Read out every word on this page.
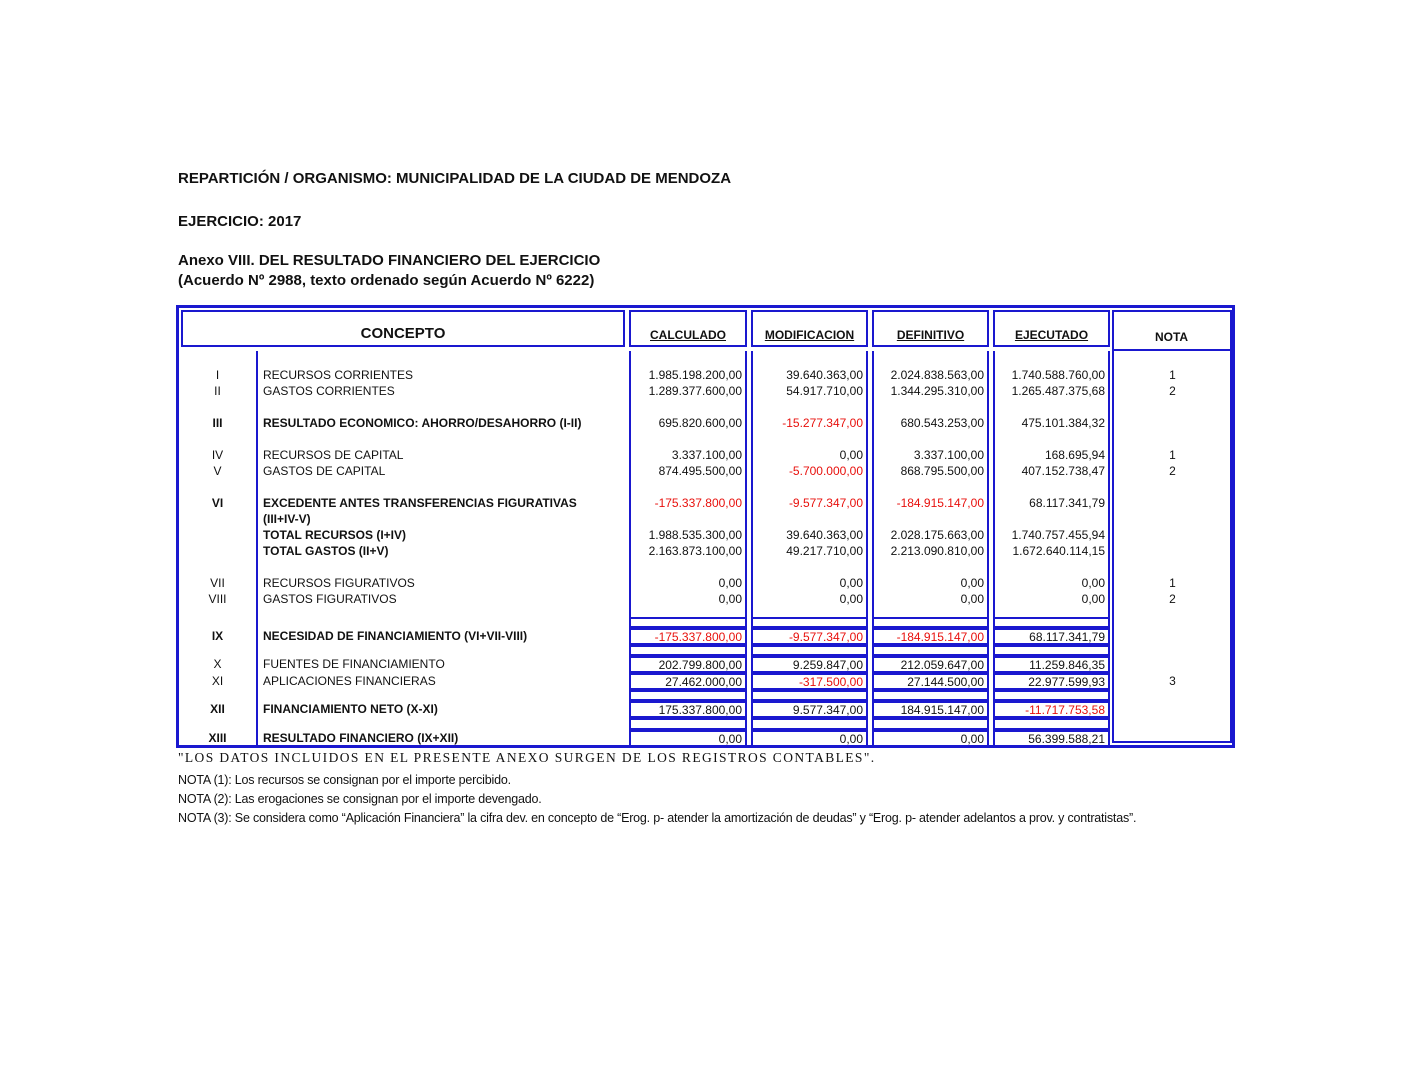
REPARTICIÓN / ORGANISMO: MUNICIPALIDAD DE LA CIUDAD DE MENDOZA
EJERCICIO: 2017
Anexo VIII. DEL RESULTADO FINANCIERO DEL EJERCICIO
(Acuerdo Nº 2988, texto ordenado según Acuerdo Nº 6222)
CONCEPTO	CALCULADO	MODIFICACION	DEFINITIVO	EJECUTADO	NOTA
I	RECURSOS CORRIENTES	1.985.198.200,00	39.640.363,00	2.024.838.563,00	1.740.588.760,00	1
II	GASTOS CORRIENTES	1.289.377.600,00	54.917.710,00	1.344.295.310,00	1.265.487.375,68	2
III	RESULTADO ECONOMICO: AHORRO/DESAHORRO (I-II)	695.820.600,00	-15.277.347,00	680.543.253,00	475.101.384,32
IV	RECURSOS DE CAPITAL	3.337.100,00	0,00	3.337.100,00	168.695,94	1
V	GASTOS DE CAPITAL	874.495.500,00	-5.700.000,00	868.795.500,00	407.152.738,47	2
VI	EXCEDENTE ANTES TRANSFERENCIAS FIGURATIVAS	-175.337.800,00	-9.577.347,00	-184.915.147,00	68.117.341,79
(III+IV-V)
TOTAL RECURSOS (I+IV)	1.988.535.300,00	39.640.363,00	2.028.175.663,00	1.740.757.455,94
TOTAL GASTOS (II+V)	2.163.873.100,00	49.217.710,00	2.213.090.810,00	1.672.640.114,15
VII	RECURSOS FIGURATIVOS	0,00	0,00	0,00	0,00	1
VIII	GASTOS FIGURATIVOS	0,00	0,00	0,00	0,00	2
IX	NECESIDAD DE FINANCIAMIENTO (VI+VII-VIII)	-175.337.800,00	-9.577.347,00	-184.915.147,00	68.117.341,79
X	FUENTES DE FINANCIAMIENTO	202.799.800,00	9.259.847,00	212.059.647,00	11.259.846,35
XI	APLICACIONES FINANCIERAS	27.462.000,00	-317.500,00	27.144.500,00	22.977.599,93	3
XII	FINANCIAMIENTO NETO (X-XI)	175.337.800,00	9.577.347,00	184.915.147,00	-11.717.753,58
XIII	RESULTADO FINANCIERO (IX+XII)	0,00	0,00	0,00	56.399.588,21
"LOS DATOS INCLUIDOS EN EL PRESENTE ANEXO SURGEN DE LOS REGISTROS CONTABLES".
NOTA (1): Los recursos se consignan por el importe percibido.
NOTA (2): Las erogaciones se consignan por el importe devengado.
NOTA (3): Se considera como “Aplicación Financiera” la cifra dev. en concepto de “Erog. p- atender la amortización de deudas” y “Erog. p- atender adelantos a prov. y contratistas”.
